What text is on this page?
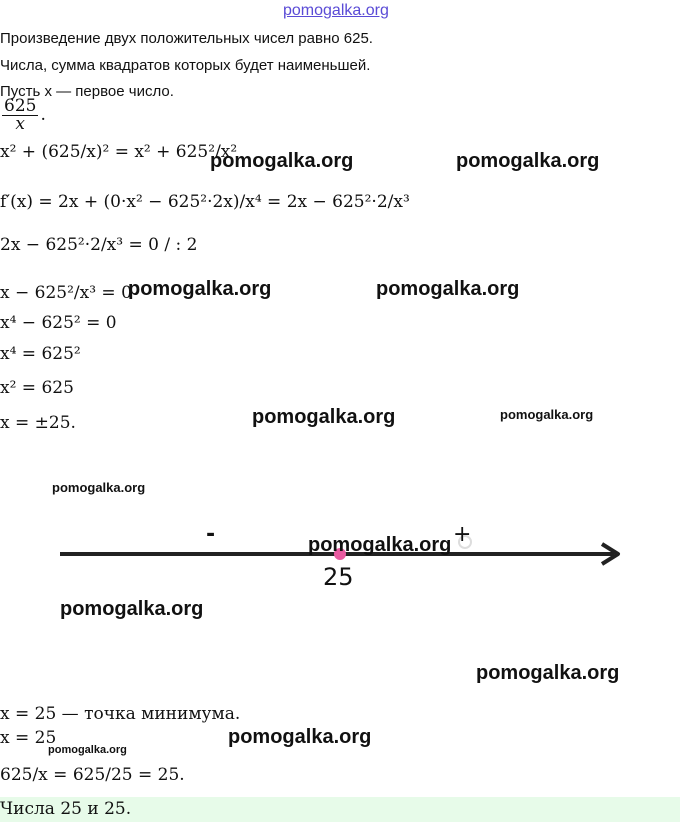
pomogalka.org
Произведение двух положительных чисел равно 625.
Числа, сумма квадратов которых будет наименьшей.
Пусть x — первое число.
$\frac{625}{x}$ .
x² + (625/x)² = x² + 625²/x²
f′(x) = 2x + (0·x² − 625²·2x)/x⁴ = 2x − 625²·2/x³
2x − 625²·2/x³ = 0 / : 2
x − 625²/x³ = 0
x⁴ − 625² = 0
x⁴ = 625²
x² = 625
x = ±25.
-	+
25
x = 25 — точка минимума.
x = 25
625/x = 625/25 = 25.
Числа 25 и 25.
pomogalka.org	pomogalka.org
pomogalka.org	pomogalka.org
pomogalka.org	pomogalka.org
pomogalka.org
pomogalka.org
pomogalka.org
pomogalka.org
pomogalka.org
pomogalka.org
